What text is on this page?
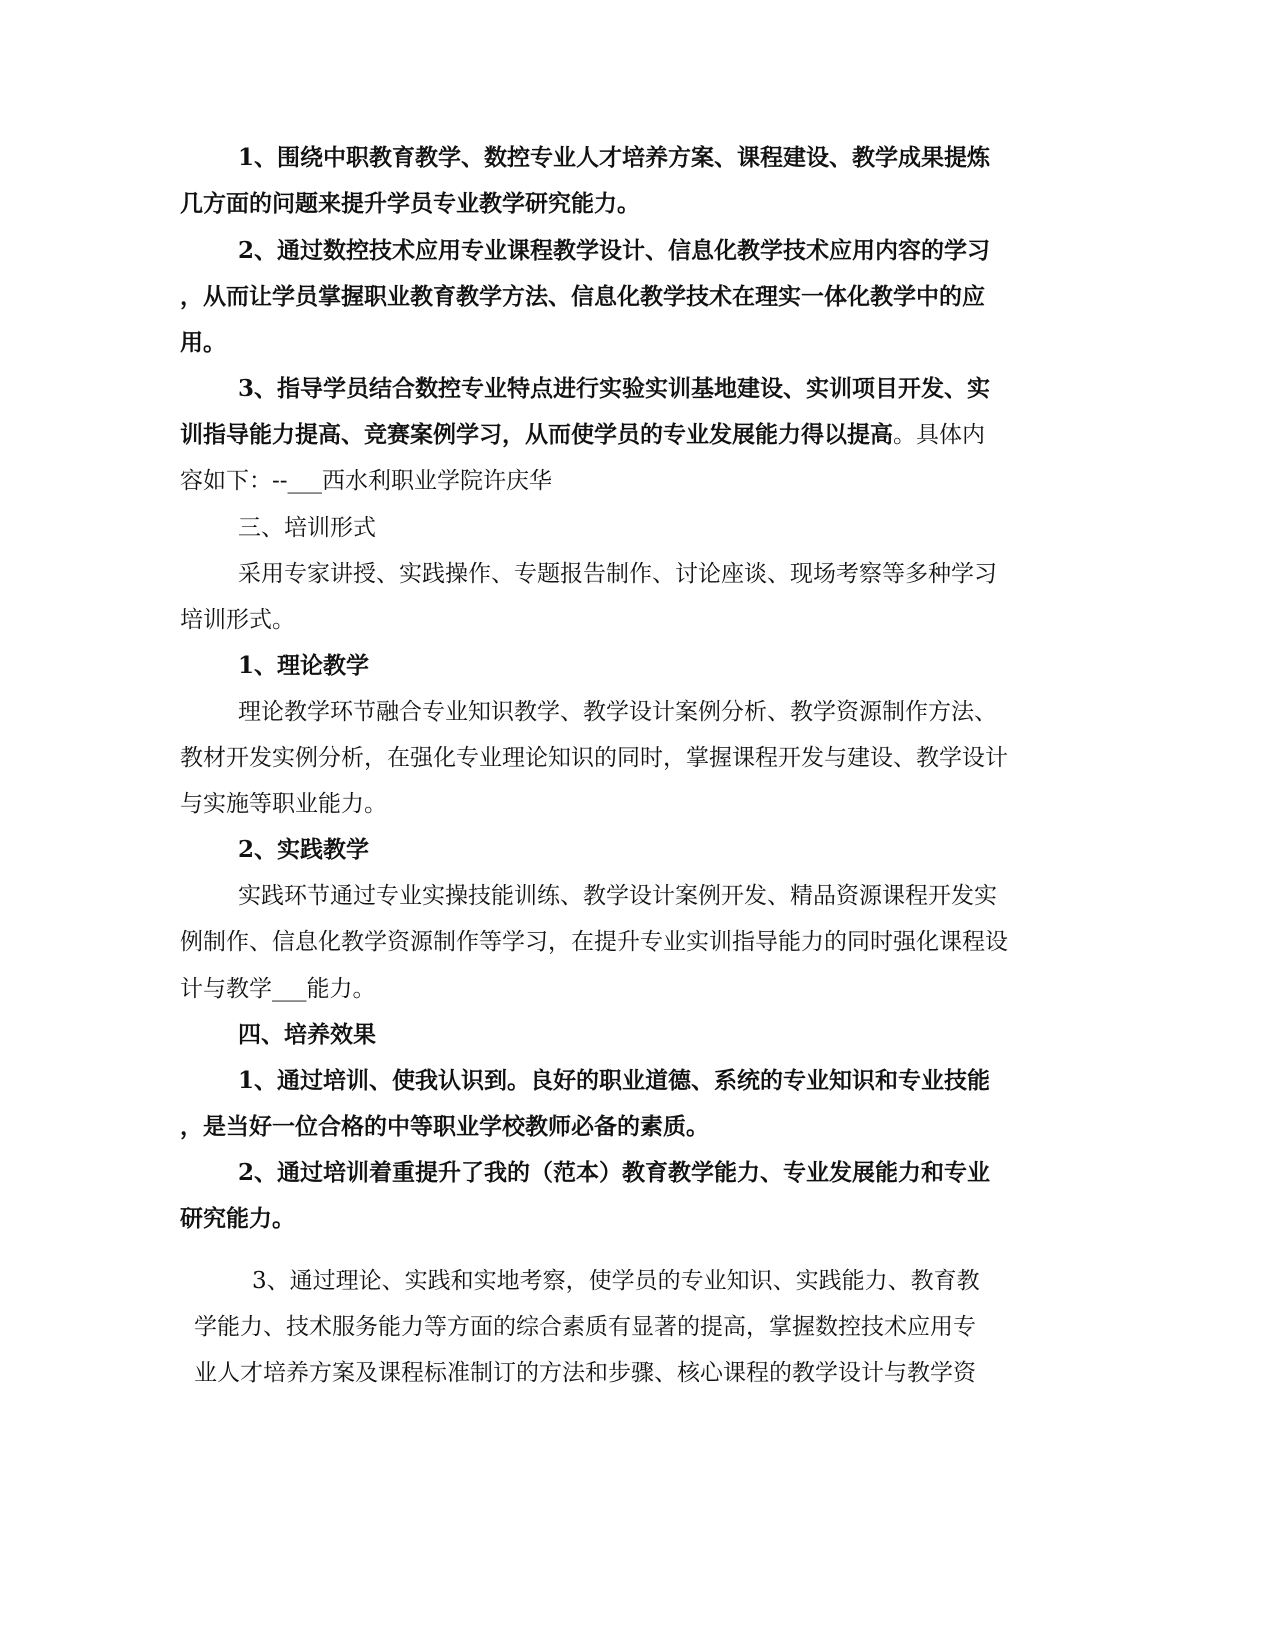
1、围绕中职教育教学、数控专业人才培养方案、课程建设、教学成果提炼
几方面的问题来提升学员专业教学研究能力。
2、通过数控技术应用专业课程教学设计、信息化教学技术应用内容的学习
，从而让学员掌握职业教育教学方法、信息化教学技术在理实一体化教学中的应
用。
3、指导学员结合数控专业特点进行实验实训基地建设、实训项目开发、实
训指导能力提高、竞赛案例学习，从而使学员的专业发展能力得以提高。具体内
容如下：--___西水利职业学院许庆华
三、培训形式
采用专家讲授、实践操作、专题报告制作、讨论座谈、现场考察等多种学习
培训形式。
1、理论教学
理论教学环节融合专业知识教学、教学设计案例分析、教学资源制作方法、
教材开发实例分析，在强化专业理论知识的同时，掌握课程开发与建设、教学设计
与实施等职业能力。
2、实践教学
实践环节通过专业实操技能训练、教学设计案例开发、精品资源课程开发实
例制作、信息化教学资源制作等学习，在提升专业实训指导能力的同时强化课程设
计与教学___能力。
四、培养效果
1、通过培训、使我认识到。良好的职业道德、系统的专业知识和专业技能
，是当好一位合格的中等职业学校教师必备的素质。
2、通过培训着重提升了我的（范本）教育教学能力、专业发展能力和专业
研究能力。
3、通过理论、实践和实地考察，使学员的专业知识、实践能力、教育教
学能力、技术服务能力等方面的综合素质有显著的提高，掌握数控技术应用专
业人才培养方案及课程标准制订的方法和步骤、核心课程的教学设计与教学资
